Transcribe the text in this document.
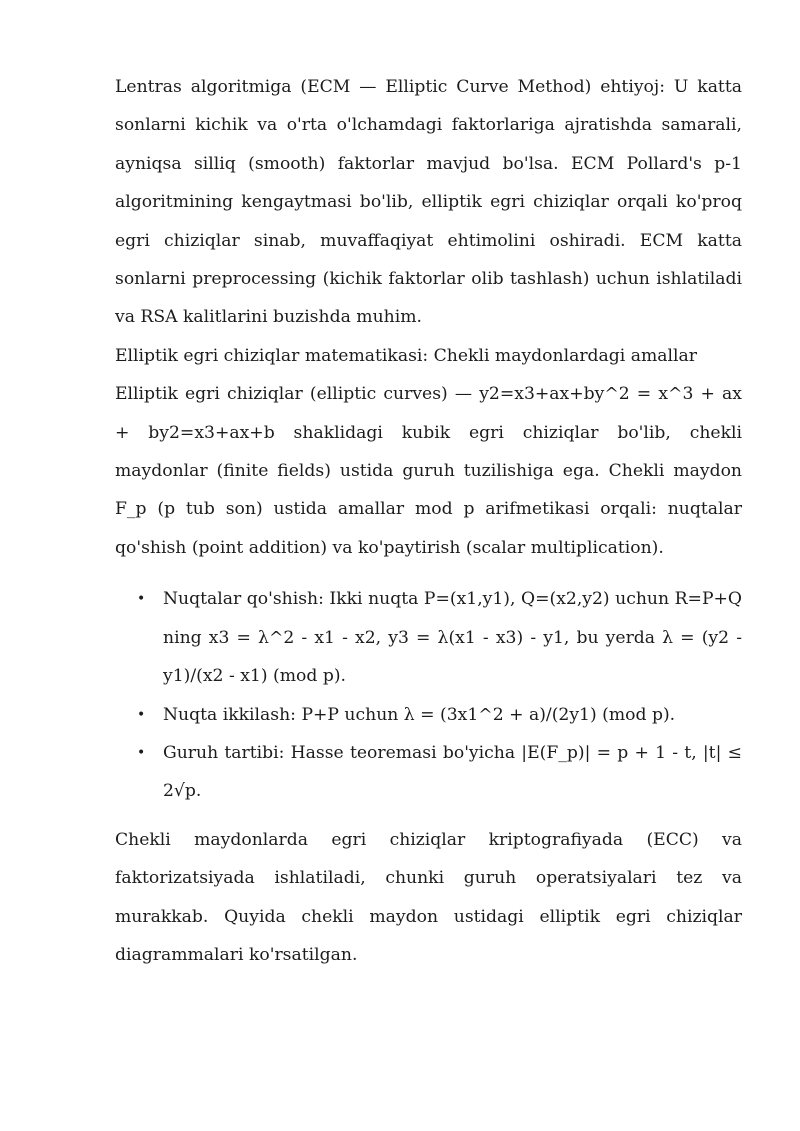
Lentras algoritmiga (ECM — Elliptic Curve Method) ehtiyoj: U katta sonlarni kichik va o'rta o'lchamdagi faktorlariga ajratishda samarali, ayniqsa silliq (smooth) faktorlar mavjud bo'lsa. ECM Pollard's p-1 algoritmining kengaytmasi bo'lib, elliptik egri chiziqlar orqali ko'proq egri chiziqlar sinab, muvaffaqiyat ehtimolini oshiradi. ECM katta sonlarni preprocessing (kichik faktorlar olib tashlash) uchun ishlatiladi va RSA kalitlarini buzishda muhim.

Elliptik egri chiziqlar matematikasi: Chekli maydonlardagi amallar

Elliptik egri chiziqlar (elliptic curves) — y2=x3+ax+by^2 = x^3 + ax + by2=x3+ax+b shaklidagi kubik egri chiziqlar bo'lib, chekli maydonlar (finite fields) ustida guruh tuzilishiga ega. Chekli maydon F_p (p tub son) ustida amallar mod p arifmetikasi orqali: nuqtalar qo'shish (point addition) va ko'paytirish (scalar multiplication).

• Nuqtalar qo'shish: Ikki nuqta P=(x1,y1), Q=(x2,y2) uchun R=P+Q ning x3 = λ^2 - x1 - x2, y3 = λ(x1 - x3) - y1, bu yerda λ = (y2 - y1)/(x2 - x1) (mod p).
• Nuqta ikkilash: P+P uchun λ = (3x1^2 + a)/(2y1) (mod p).
• Guruh tartibi: Hasse teoremasi bo'yicha |E(F_p)| = p + 1 - t, |t| ≤ 2√p.

Chekli maydonlarda egri chiziqlar kriptografiyada (ECC) va faktorizatsiyada ishlatiladi, chunki guruh operatsiyalari tez va murakkab. Quyida chekli maydon ustidagi elliptik egri chiziqlar diagrammalari ko'rsatilgan.
